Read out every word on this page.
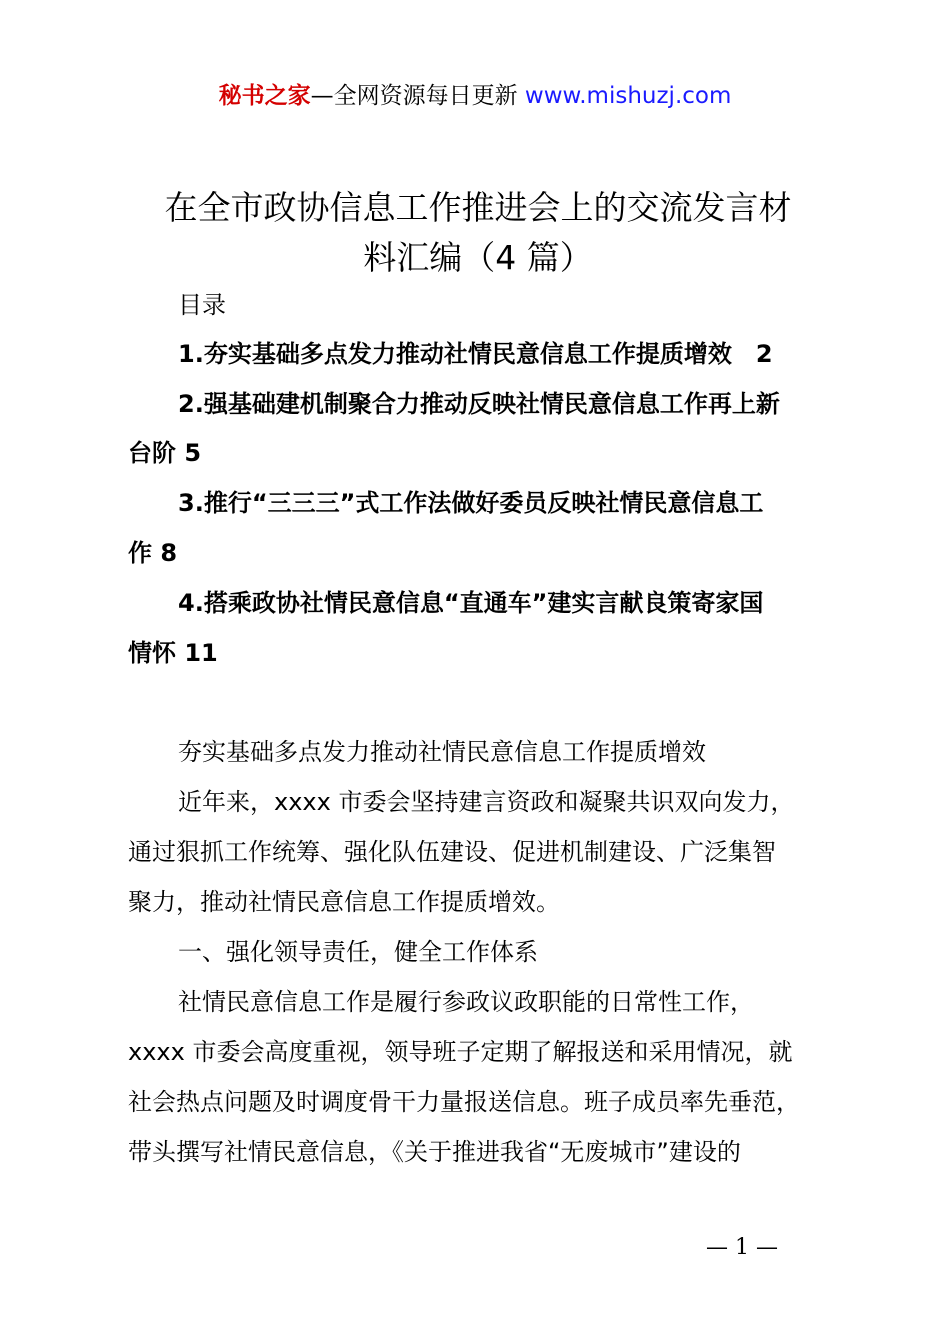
秘书之家—全网资源每日更新 www.mishuzj.com
在全市政协信息工作推进会上的交流发言材
料汇编（4 篇）
目录
1.夯实基础多点发力推动社情民意信息工作提质增效　2
2.强基础建机制聚合力推动反映社情民意信息工作再上新
台阶 5
3.推行“三三三”式工作法做好委员反映社情民意信息工
作 8
4.搭乘政协社情民意信息“直通车”建实言献良策寄家国
情怀 11
夯实基础多点发力推动社情民意信息工作提质增效
近年来，xxxx 市委会坚持建言资政和凝聚共识双向发力，
通过狠抓工作统筹、强化队伍建设、促进机制建设、广泛集智
聚力，推动社情民意信息工作提质增效。
一、强化领导责任，健全工作体系
社情民意信息工作是履行参政议政职能的日常性工作，
xxxx 市委会高度重视，领导班子定期了解报送和采用情况，就
社会热点问题及时调度骨干力量报送信息。班子成员率先垂范，
带头撰写社情民意信息，《关于推进我省“无废城市”建设的
— 1 —
